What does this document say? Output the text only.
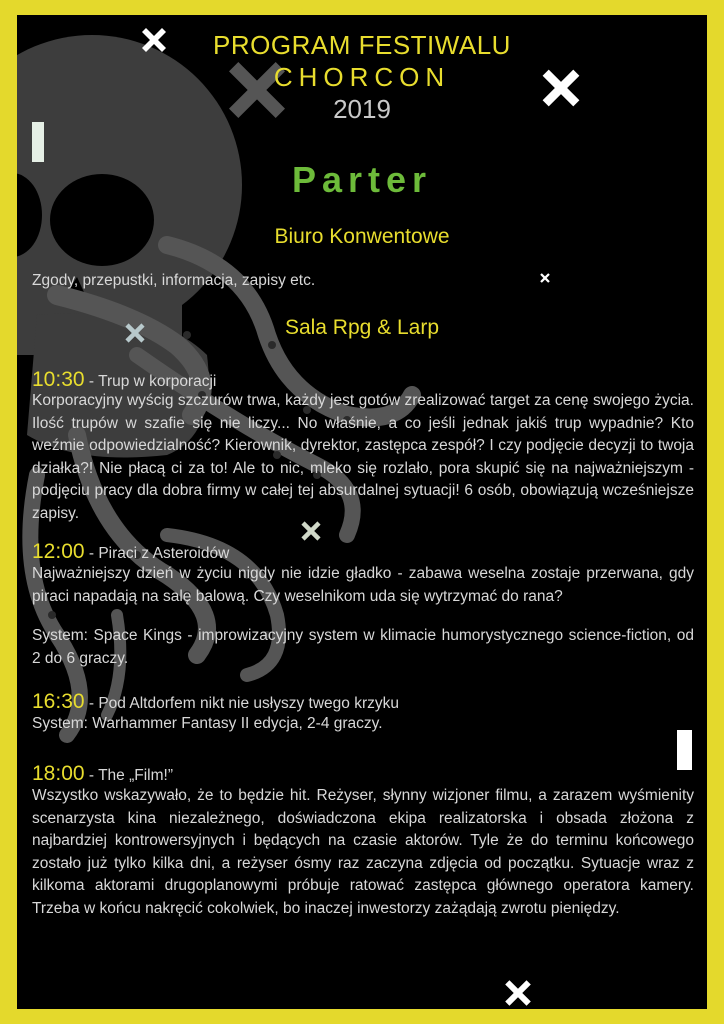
PROGRAM FESTIWALU
CHORCON
2019
Parter
Biuro Konwentowe
Zgody, przepustki, informacja, zapisy etc.
Sala Rpg & Larp
10:30 - Trup w korporacji
Korporacyjny wyścig szczurów trwa, każdy jest gotów zrealizować target za cenę swojego życia. Ilość trupów w szafie się nie liczy... No właśnie, a co jeśli jednak jakiś trup wypadnie? Kto weźmie odpowiedzialność? Kierownik, dyrektor, zastępca zespół? I czy podjęcie decyzji to twoja działka?! Nie płacą ci za to! Ale to nic, mleko się rozlało, pora skupić się na najważniejszym - podjęciu pracy dla dobra firmy w całej tej absurdalnej sytuacji! 6 osób, obowiązują wcześniejsze zapisy.
12:00 - Piraci z Asteroidów
Najważniejszy dzień w życiu nigdy nie idzie gładko - zabawa weselna zostaje przerwana, gdy piraci napadają na salę balową. Czy weselnikom uda się wytrzymać do rana?
System: Space Kings - improwizacyjny system w klimacie humorystycznego science-fiction, od 2 do 6 graczy.
16:30 - Pod Altdorfem nikt nie usłyszy twego krzyku
System: Warhammer Fantasy II edycja, 2-4 graczy.
18:00 - The „Film!”
Wszystko wskazywało, że to będzie hit. Reżyser, słynny wizjoner filmu, a zarazem wyśmienity scenarzysta kina niezależnego, doświadczona ekipa realizatorska i obsada złożona z najbardziej kontrowersyjnych i będących na czasie aktorów. Tyle że do terminu końcowego zostało już tylko kilka dni, a reżyser ósmy raz zaczyna zdjęcia od początku. Sytuacje wraz z kilkoma aktorami drugoplanowymi próbuje ratować zastępca głównego operatora kamery. Trzeba w końcu nakręcić cokolwiek, bo inaczej inwestorzy zażądają zwrotu pieniędzy.
